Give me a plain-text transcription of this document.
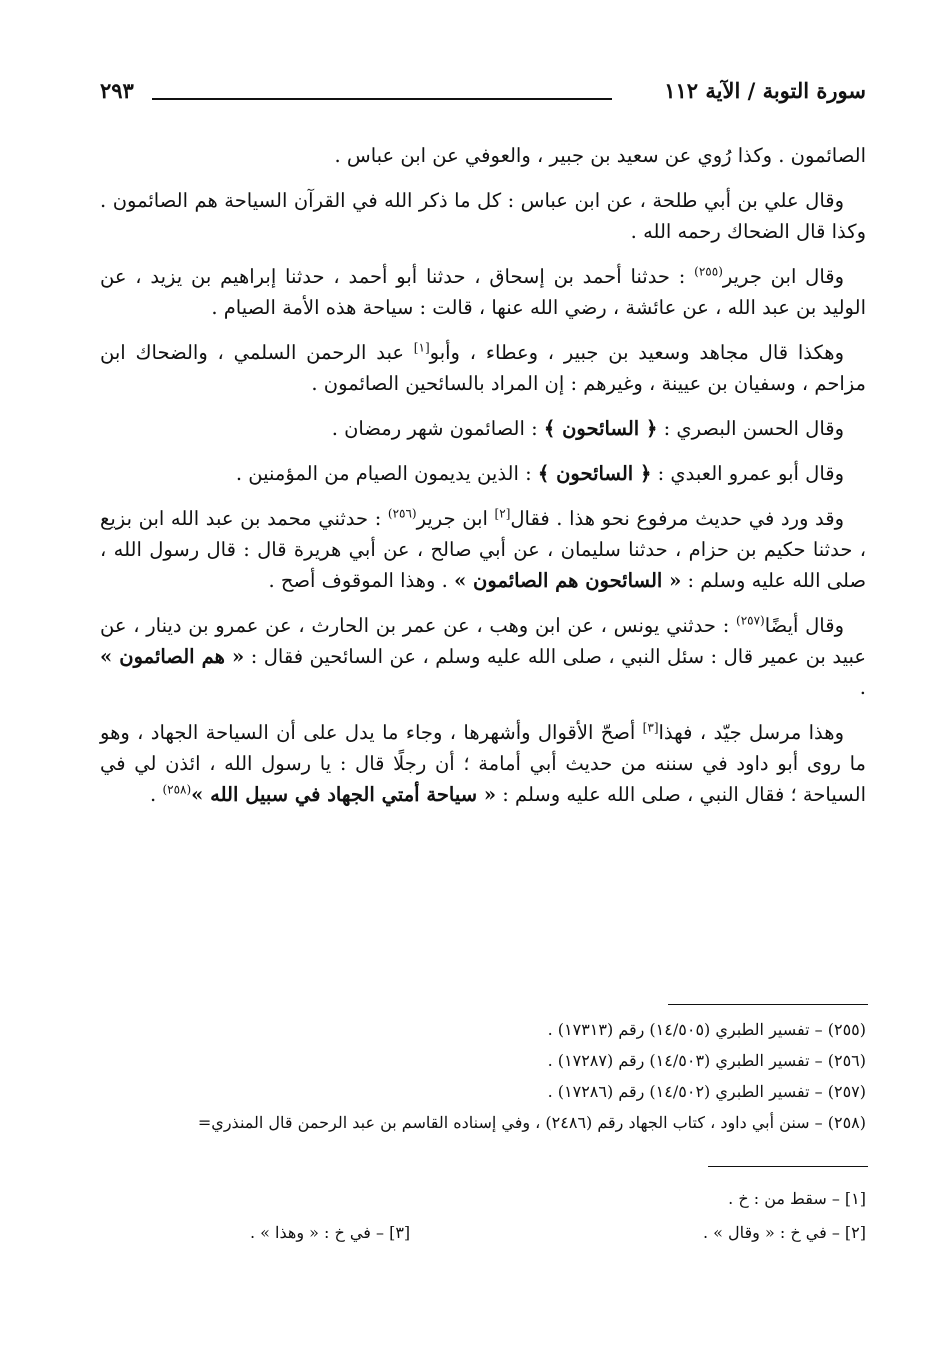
سورة التوبة / الآية ١١٢
٢٩٣

الصائمون . وكذا رُوي عن سعيد بن جبير ، والعوفي عن ابن عباس .

وقال علي بن أبي طلحة ، عن ابن عباس : كل ما ذكر الله في القرآن السياحة هم الصائمون . وكذا قال الضحاك رحمه الله .

وقال ابن جرير$^{(٢٥٥)}$ : حدثنا أحمد بن إسحاق ، حدثنا أبو أحمد ، حدثنا إبراهيم بن يزيد ، عن الوليد بن عبد الله ، عن عائشة ، رضي الله عنها ، قالت : سياحة هذه الأمة الصيام .

وهكذا قال مجاهد وسعيد بن جبير ، وعطاء ، وأبو[١] عبد الرحمن السلمي ، والضحاك ابن مزاحم ، وسفيان بن عيينة ، وغيرهم : إن المراد بالسائحين الصائمون .

وقال الحسن البصري : ﴿ السائحون ﴾ : الصائمون شهر رمضان .

وقال أبو عمرو العبدي : ﴿ السائحون ﴾ : الذين يديمون الصيام من المؤمنين .

وقد ورد في حديث مرفوع نحو هذا . فقال[٢] ابن جرير$^{(٢٥٦)}$ : حدثني محمد بن عبد الله ابن بزيع ، حدثنا حكيم بن حزام ، حدثنا سليمان ، عن أبي صالح ، عن أبي هريرة قال : قال رسول الله ، صلى الله عليه وسلم : « السائحون هم الصائمون » . وهذا الموقوف أصح .

وقال أيضًا$^{(٢٥٧)}$ : حدثني يونس ، عن ابن وهب ، عن عمر بن الحارث ، عن عمرو بن دينار ، عن عبيد بن عمير قال : سئل النبي ، صلى الله عليه وسلم ، عن السائحين فقال : « هم الصائمون » .

وهذا مرسل جيّد ، فهذا[٣] أصحّ الأقوال وأشهرها ، وجاء ما يدل على أن السياحة الجهاد ، وهو ما روى أبو داود في سننه من حديث أبي أمامة ؛ أن رجلًا قال : يا رسول الله ، ائذن لي في السياحة ؛ فقال النبي ، صلى الله عليه وسلم : « سياحة أمتي الجهاد في سبيل الله »$^{(٢٥٨)}$ .

(٢٥٥) – تفسير الطبري (١٤/٥٠٥) رقم (١٧٣١٣) .
(٢٥٦) – تفسير الطبري (١٤/٥٠٣) رقم (١٧٢٨٧) .
(٢٥٧) – تفسير الطبري (١٤/٥٠٢) رقم (١٧٢٨٦) .
(٢٥٨) – سنن أبي داود ، كتاب الجهاد رقم (٢٤٨٦) ، وفي إسناده القاسم بن عبد الرحمن قال المنذري=
[١] – سقط من : خ .
[٢] – في خ : « وقال » .
[٣] – في خ : « وهذا » .
